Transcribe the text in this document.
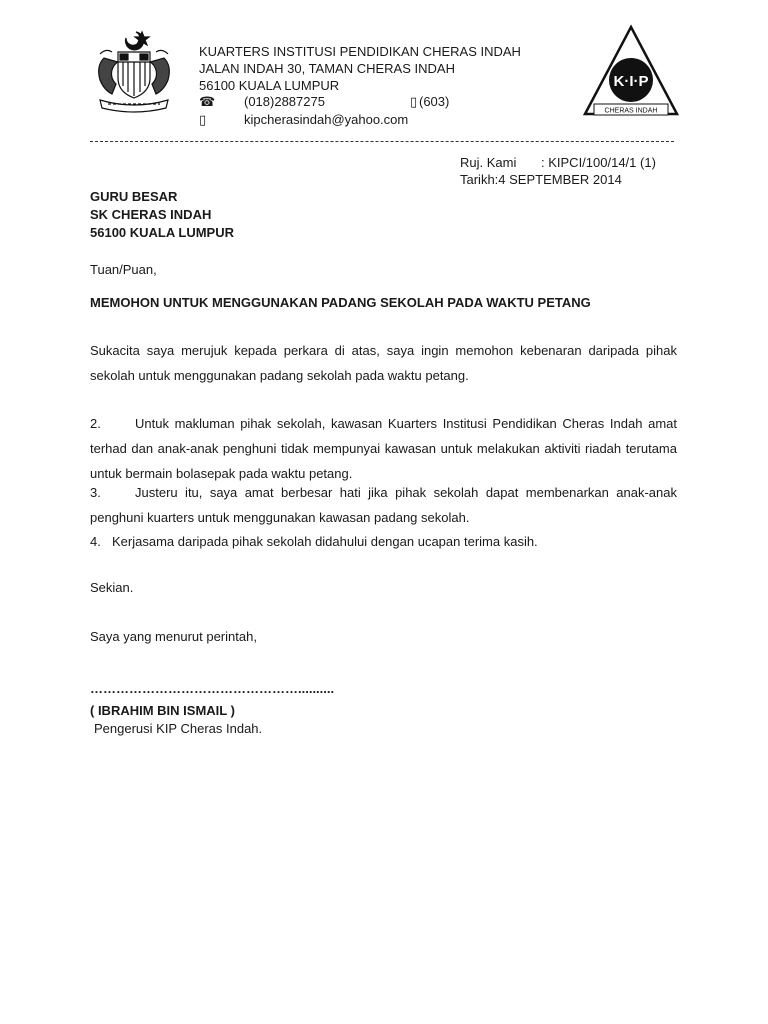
KUARTERS INSTITUSI PENDIDIKAN CHERAS INDAH
JALAN INDAH 30, TAMAN CHERAS INDAH
56100 KUALA LUMPUR
☎ (018)2887275	▯ (603)
▯	kipcherasindah@yahoo.com
K·I·P
CHERAS INDAH
Ruj. Kami : KIPCI/100/14/1 (1)
Tarikh:4 SEPTEMBER 2014
GURU BESAR
SK CHERAS INDAH
56100 KUALA LUMPUR
Tuan/Puan,
MEMOHON UNTUK MENGGUNAKAN PADANG SEKOLAH PADA WAKTU PETANG
Sukacita saya merujuk kepada perkara di atas, saya ingin memohon kebenaran daripada pihak sekolah untuk menggunakan padang sekolah pada waktu petang.
2.	Untuk makluman pihak sekolah, kawasan Kuarters Institusi Pendidikan Cheras Indah amat terhad dan anak-anak penghuni tidak mempunyai kawasan untuk melakukan aktiviti riadah terutama untuk bermain bolasepak pada waktu petang.
3.	Justeru itu, saya amat berbesar hati jika pihak sekolah dapat membenarkan anak-anak penghuni kuarters untuk menggunakan kawasan padang sekolah.
4. Kerjasama daripada pihak sekolah didahului dengan ucapan terima kasih.
Sekian.
Saya yang menurut perintah,
…………………………………………..........
( IBRAHIM BIN ISMAIL )
Pengerusi KIP Cheras Indah.
